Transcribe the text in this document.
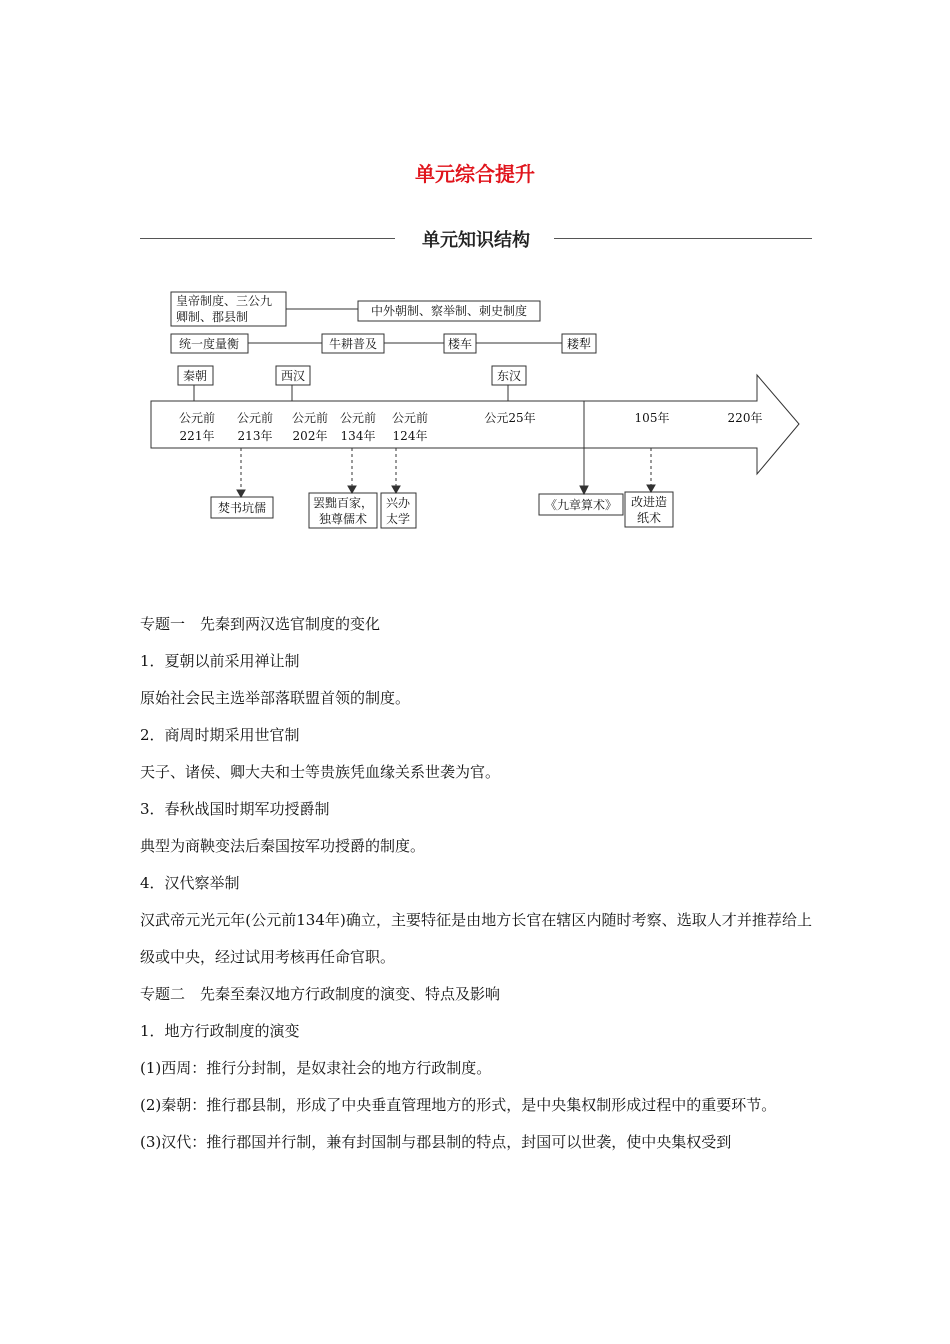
单元综合提升
单元知识结构
皇帝制度、三公九
卿制、郡县制	中外朝制、察举制、刺史制度
统一度量衡	牛耕普及	楼车	耧犁
秦朝	西汉	东汉
公元前
221年
公元前
213年
公元前
202年
公元前
134年
公元前
124年
公元25年	105年	220年
焚书坑儒	罢黜百家，
独尊儒术
兴办
太学
《九章算术》 改进造
纸术

专题一　先秦到两汉选官制度的变化

1．夏朝以前采用禅让制

原始社会民主选举部落联盟首领的制度。

2．商周时期采用世官制

天子、诸侯、卿大夫和士等贵族凭血缘关系世袭为官。

3．春秋战国时期军功授爵制

典型为商鞅变法后秦国按军功授爵的制度。

4．汉代察举制

汉武帝元光元年(公元前134年)确立，主要特征是由地方长官在辖区内随时考察、选取人才并推荐给上级或中央，经过试用考核再任命官职。

专题二　先秦至秦汉地方行政制度的演变、特点及影响

1．地方行政制度的演变

(1)西周：推行分封制，是奴隶社会的地方行政制度。

(2)秦朝：推行郡县制，形成了中央垂直管理地方的形式，是中央集权制形成过程中的重要环节。

(3)汉代：推行郡国并行制，兼有封国制与郡县制的特点，封国可以世袭，使中央集权受到
